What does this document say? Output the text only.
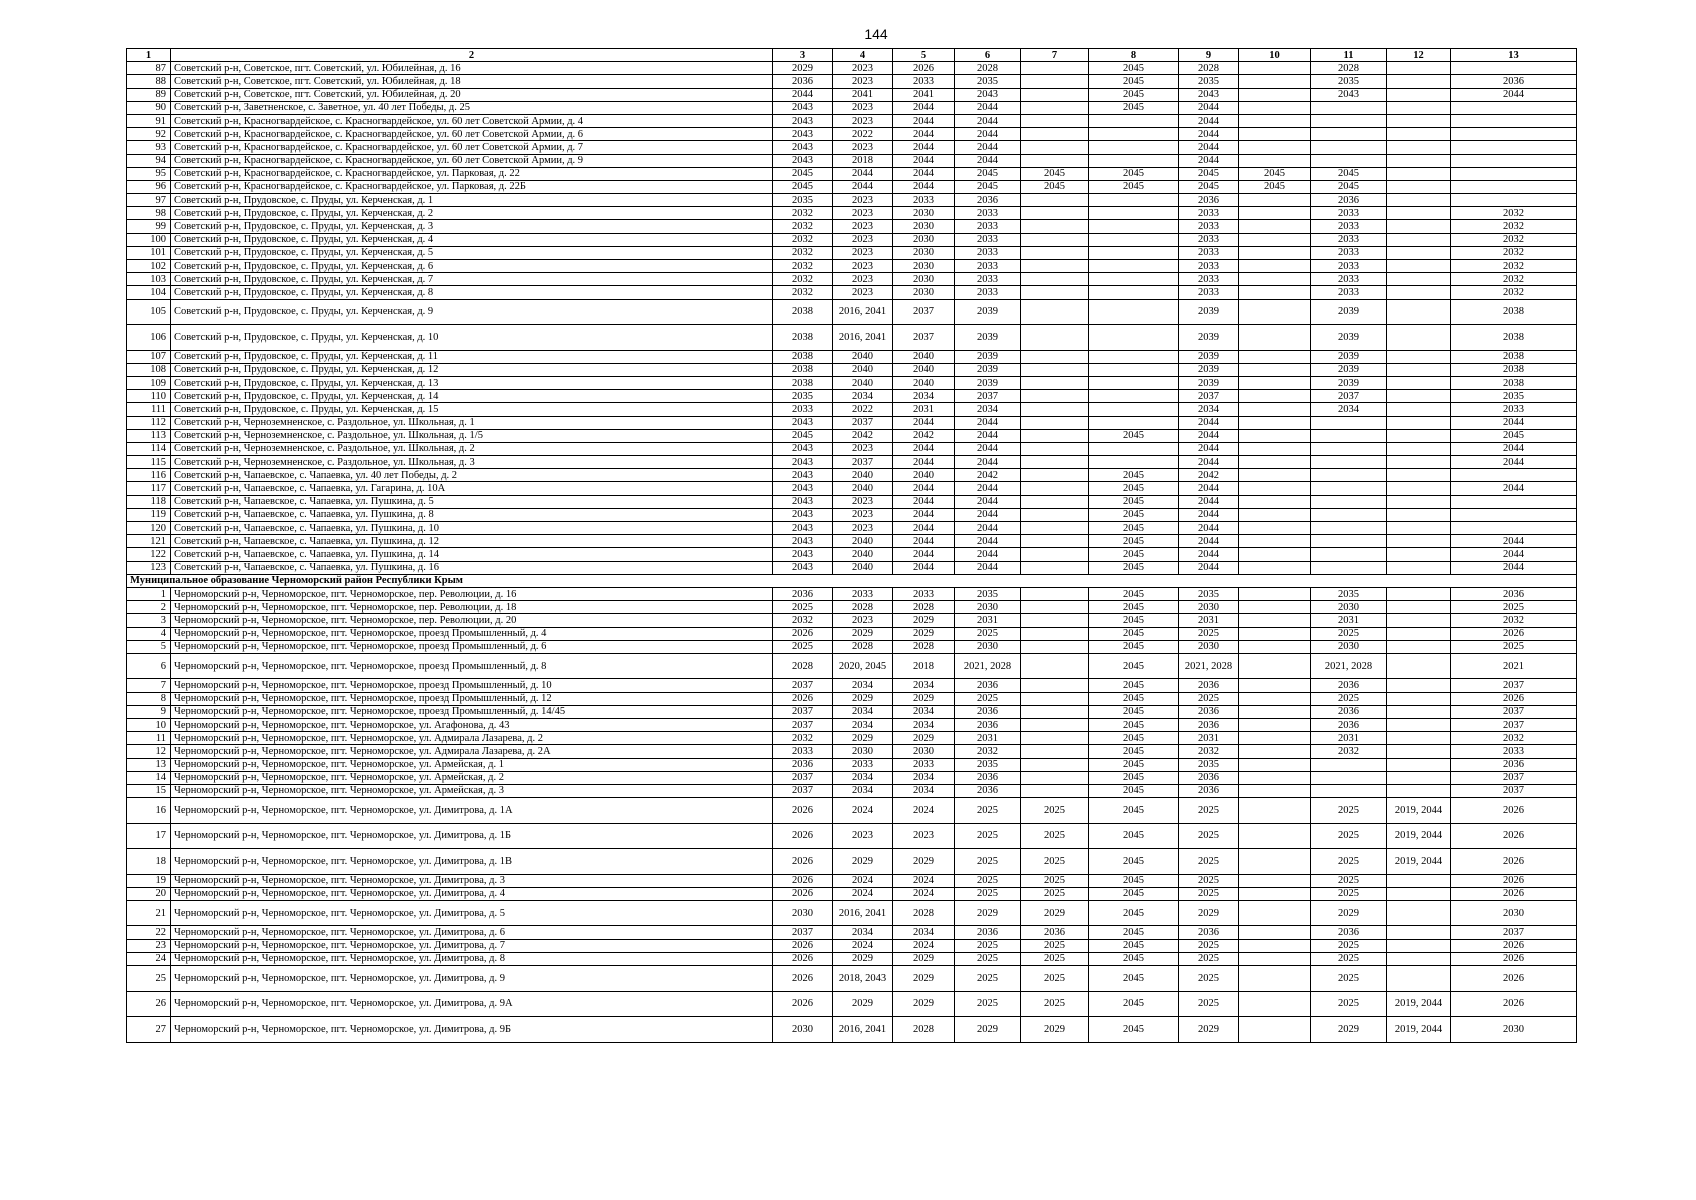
144
1	2	3	4	5	6	7	8	9	10	11	12	13
87	Советский р-н, Советское, пгт. Советский, ул. Юбилейная, д. 16	2029	2023	2026	2028		2045	2028		2028		
88	Советский р-н, Советское, пгт. Советский, ул. Юбилейная, д. 18	2036	2023	2033	2035		2045	2035		2035		2036
89	Советский р-н, Советское, пгт. Советский, ул. Юбилейная, д. 20	2044	2041	2041	2043		2045	2043		2043		2044
90	Советский р-н, Заветненское, с. Заветное, ул. 40 лет Победы, д. 25	2043	2023	2044	2044		2045	2044				
91	Советский р-н, Красногвардейское, с. Красногвардейское, ул. 60 лет Советской Армии, д. 4	2043	2023	2044	2044			2044				
92	Советский р-н, Красногвардейское, с. Красногвардейское, ул. 60 лет Советской Армии, д. 6	2043	2022	2044	2044			2044				
93	Советский р-н, Красногвардейское, с. Красногвардейское, ул. 60 лет Советской Армии, д. 7	2043	2023	2044	2044			2044				
94	Советский р-н, Красногвардейское, с. Красногвардейское, ул. 60 лет Советской Армии, д. 9	2043	2018	2044	2044			2044				
95	Советский р-н, Красногвардейское, с. Красногвардейское, ул. Парковая, д. 22	2045	2044	2044	2045	2045	2045	2045	2045	2045		
96	Советский р-н, Красногвардейское, с. Красногвардейское, ул. Парковая, д. 22Б	2045	2044	2044	2045	2045	2045	2045	2045	2045		
97	Советский р-н, Прудовское, с. Пруды, ул. Керченская, д. 1	2035	2023	2033	2036			2036		2036		
98	Советский р-н, Прудовское, с. Пруды, ул. Керченская, д. 2	2032	2023	2030	2033			2033		2033		2032
99	Советский р-н, Прудовское, с. Пруды, ул. Керченская, д. 3	2032	2023	2030	2033			2033		2033		2032
100	Советский р-н, Прудовское, с. Пруды, ул. Керченская, д. 4	2032	2023	2030	2033			2033		2033		2032
101	Советский р-н, Прудовское, с. Пруды, ул. Керченская, д. 5	2032	2023	2030	2033			2033		2033		2032
102	Советский р-н, Прудовское, с. Пруды, ул. Керченская, д. 6	2032	2023	2030	2033			2033		2033		2032
103	Советский р-н, Прудовское, с. Пруды, ул. Керченская, д. 7	2032	2023	2030	2033			2033		2033		2032
104	Советский р-н, Прудовское, с. Пруды, ул. Керченская, д. 8	2032	2023	2030	2033			2033		2033		2032
105	Советский р-н, Прудовское, с. Пруды, ул. Керченская, д. 9	2038	2016, 2041	2037	2039			2039		2039		2038
106	Советский р-н, Прудовское, с. Пруды, ул. Керченская, д. 10	2038	2016, 2041	2037	2039			2039		2039		2038
107	Советский р-н, Прудовское, с. Пруды, ул. Керченская, д. 11	2038	2040	2040	2039			2039		2039		2038
108	Советский р-н, Прудовское, с. Пруды, ул. Керченская, д. 12	2038	2040	2040	2039			2039		2039		2038
109	Советский р-н, Прудовское, с. Пруды, ул. Керченская, д. 13	2038	2040	2040	2039			2039		2039		2038
110	Советский р-н, Прудовское, с. Пруды, ул. Керченская, д. 14	2035	2034	2034	2037			2037		2037		2035
111	Советский р-н, Прудовское, с. Пруды, ул. Керченская, д. 15	2033	2022	2031	2034			2034		2034		2033
112	Советский р-н, Черноземненское, с. Раздольное, ул. Школьная, д. 1	2043	2037	2044	2044			2044				2044
113	Советский р-н, Черноземненское, с. Раздольное, ул. Школьная, д. 1/5	2045	2042	2042	2044		2045	2044				2045
114	Советский р-н, Черноземненское, с. Раздольное, ул. Школьная, д. 2	2043	2023	2044	2044			2044				2044
115	Советский р-н, Черноземненское, с. Раздольное, ул. Школьная, д. 3	2043	2037	2044	2044			2044				2044
116	Советский р-н, Чапаевское, с. Чапаевка, ул. 40 лет Победы, д. 2	2043	2040	2040	2042		2045	2042				
117	Советский р-н, Чапаевское, с. Чапаевка, ул. Гагарина, д. 10А	2043	2040	2044	2044		2045	2044				2044
118	Советский р-н, Чапаевское, с. Чапаевка, ул. Пушкина, д. 5	2043	2023	2044	2044		2045	2044				
119	Советский р-н, Чапаевское, с. Чапаевка, ул. Пушкина, д. 8	2043	2023	2044	2044		2045	2044				
120	Советский р-н, Чапаевское, с. Чапаевка, ул. Пушкина, д. 10	2043	2023	2044	2044		2045	2044				
121	Советский р-н, Чапаевское, с. Чапаевка, ул. Пушкина, д. 12	2043	2040	2044	2044		2045	2044				2044
122	Советский р-н, Чапаевское, с. Чапаевка, ул. Пушкина, д. 14	2043	2040	2044	2044		2045	2044				2044
123	Советский р-н, Чапаевское, с. Чапаевка, ул. Пушкина, д. 16	2043	2040	2044	2044		2045	2044				2044
Муниципальное образование Черноморский район Республики Крым												
1	Черноморский р-н, Черноморское, пгт. Черноморское, пер. Революции, д. 16	2036	2033	2033	2035		2045	2035		2035		2036
2	Черноморский р-н, Черноморское, пгт. Черноморское, пер. Революции, д. 18	2025	2028	2028	2030		2045	2030		2030		2025
3	Черноморский р-н, Черноморское, пгт. Черноморское, пер. Революции, д. 20	2032	2023	2029	2031		2045	2031		2031		2032
4	Черноморский р-н, Черноморское, пгт. Черноморское, проезд Промышленный, д. 4	2026	2029	2029	2025		2045	2025		2025		2026
5	Черноморский р-н, Черноморское, пгт. Черноморское, проезд Промышленный, д. 6	2025	2028	2028	2030		2045	2030		2030		2025
6	Черноморский р-н, Черноморское, пгт. Черноморское, проезд Промышленный, д. 8	2028	2020, 2045	2018	2021, 2028		2045	2021, 2028		2021, 2028		2021
7	Черноморский р-н, Черноморское, пгт. Черноморское, проезд Промышленный, д. 10	2037	2034	2034	2036		2045	2036		2036		2037
8	Черноморский р-н, Черноморское, пгт. Черноморское, проезд Промышленный, д. 12	2026	2029	2029	2025		2045	2025		2025		2026
9	Черноморский р-н, Черноморское, пгт. Черноморское, проезд Промышленный, д. 14/45	2037	2034	2034	2036		2045	2036		2036		2037
10	Черноморский р-н, Черноморское, пгт. Черноморское, ул. Агафонова, д. 43	2037	2034	2034	2036		2045	2036		2036		2037
11	Черноморский р-н, Черноморское, пгт. Черноморское, ул. Адмирала Лазарева, д. 2	2032	2029	2029	2031		2045	2031		2031		2032
12	Черноморский р-н, Черноморское, пгт. Черноморское, ул. Адмирала Лазарева, д. 2А	2033	2030	2030	2032		2045	2032		2032		2033
13	Черноморский р-н, Черноморское, пгт. Черноморское, ул. Армейская, д. 1	2036	2033	2033	2035		2045	2035				2036
14	Черноморский р-н, Черноморское, пгт. Черноморское, ул. Армейская, д. 2	2037	2034	2034	2036		2045	2036				2037
15	Черноморский р-н, Черноморское, пгт. Черноморское, ул. Армейская, д. 3	2037	2034	2034	2036		2045	2036				2037
16	Черноморский р-н, Черноморское, пгт. Черноморское, ул. Димитрова, д. 1А	2026	2024	2024	2025	2025	2045	2025		2025	2019, 2044	2026
17	Черноморский р-н, Черноморское, пгт. Черноморское, ул. Димитрова, д. 1Б	2026	2023	2023	2025	2025	2045	2025		2025	2019, 2044	2026
18	Черноморский р-н, Черноморское, пгт. Черноморское, ул. Димитрова, д. 1В	2026	2029	2029	2025	2025	2045	2025		2025	2019, 2044	2026
19	Черноморский р-н, Черноморское, пгт. Черноморское, ул. Димитрова, д. 3	2026	2024	2024	2025	2025	2045	2025		2025		2026
20	Черноморский р-н, Черноморское, пгт. Черноморское, ул. Димитрова, д. 4	2026	2024	2024	2025	2025	2045	2025		2025		2026
21	Черноморский р-н, Черноморское, пгт. Черноморское, ул. Димитрова, д. 5	2030	2016, 2041	2028	2029	2029	2045	2029		2029		2030
22	Черноморский р-н, Черноморское, пгт. Черноморское, ул. Димитрова, д. 6	2037	2034	2034	2036	2036	2045	2036		2036		2037
23	Черноморский р-н, Черноморское, пгт. Черноморское, ул. Димитрова, д. 7	2026	2024	2024	2025	2025	2045	2025		2025		2026
24	Черноморский р-н, Черноморское, пгт. Черноморское, ул. Димитрова, д. 8	2026	2029	2029	2025	2025	2045	2025		2025		2026
25	Черноморский р-н, Черноморское, пгт. Черноморское, ул. Димитрова, д. 9	2026	2018, 2043	2029	2025	2025	2045	2025		2025		2026
26	Черноморский р-н, Черноморское, пгт. Черноморское, ул. Димитрова, д. 9А	2026	2029	2029	2025	2025	2045	2025		2025	2019, 2044	2026
27	Черноморский р-н, Черноморское, пгт. Черноморское, ул. Димитрова, д. 9Б	2030	2016, 2041	2028	2029	2029	2045	2029		2029	2019, 2044	2030
